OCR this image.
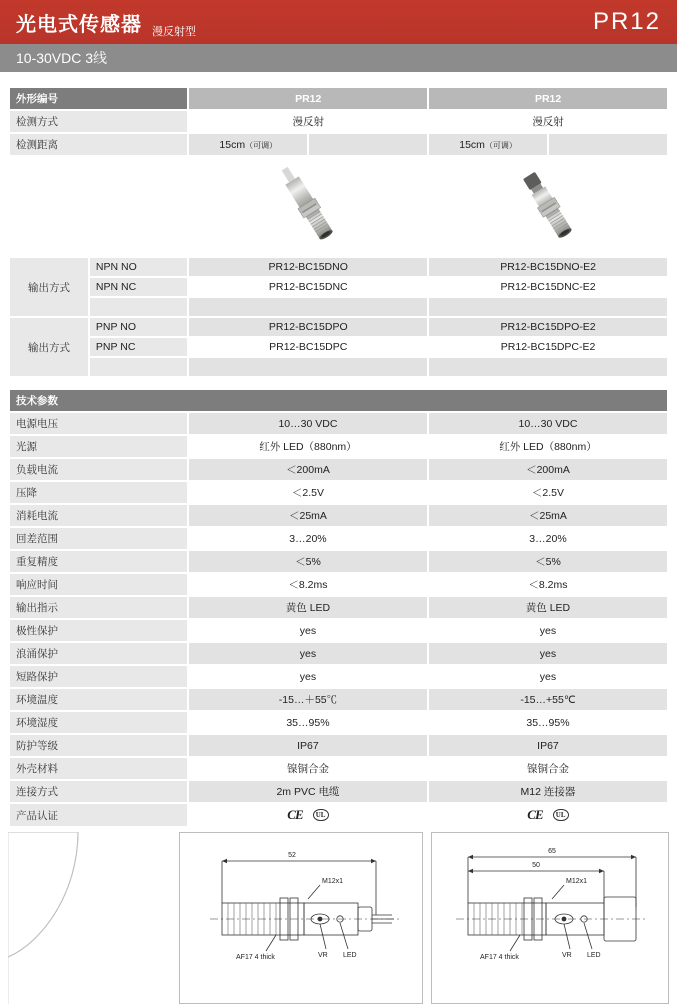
光电式传感器 漫反射型	PR12
10-30VDC 3线
外形编号		PR12		PR12	
检测方式		漫反射		漫反射	
检测距离		15cm（可调）		15cm（可调）	

输出方式	NPN NO	PR12-BC15DNO		PR12-BC15DNO-E2	
	NPN NC	PR12-BC15DNC		PR12-BC15DNC-E2	

输出方式	PNP NO	PR12-BC15DPO		PR12-BC15DPO-E2	
	PNP NC	PR12-BC15DPC		PR12-BC15DPC-E2	

技术参数		
电源电压	10…30 VDC	10…30 VDC
光源	红外 LED（880nm）	红外 LED（880nm）
负载电流	＜200mA	＜200mA
压降	＜2.5V	＜2.5V
消耗电流	＜25mA	＜25mA
回差范围	3…20%	3…20%
重复精度	＜5%	＜5%
响应时间	＜8.2ms	＜8.2ms
输出指示	黄色 LED	黄色 LED
极性保护	yes	yes
浪涌保护	yes	yes
短路保护	yes	yes
环境温度	-15…＋55℃	-15…+55℃
环境湿度	35…95%	35…95%
防护等级	IP67	IP67
外壳材料	镍铜合金	镍铜合金
连接方式	2m PVC 电缆	M12 连接器
产品认证	CE UL	CE UL
52
M12x1
AF17 4 thick	VR LED
65
50
M12x1
AF17 4 thick	VR LED
